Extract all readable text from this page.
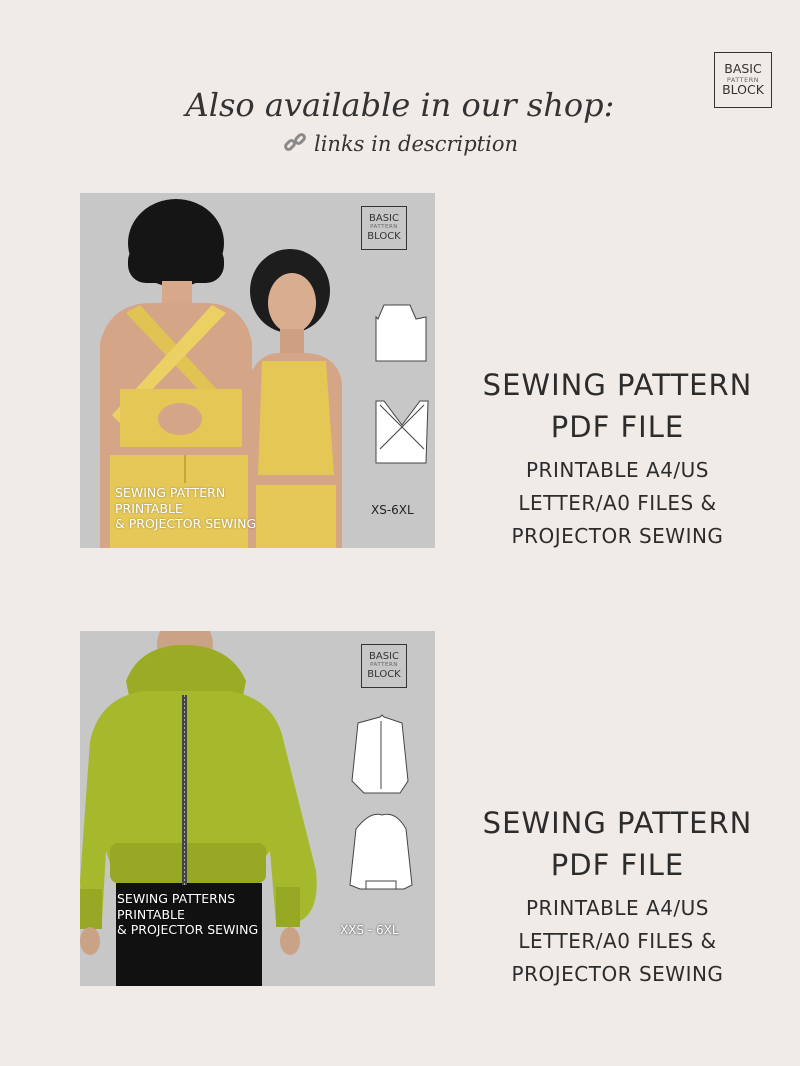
BASIC
PATTERN
BLOCK
Also available in our shop:
links in description
BASIC
PATTERN
BLOCK
SEWING PATTERN
PRINTABLE
& PROJECTOR SEWING
XS-6XL
SEWING PATTERN
PDF FILE
PRINTABLE A4/US
LETTER/A0 FILES &
PROJECTOR SEWING
BASIC
PATTERN
BLOCK
SEWING PATTERNS
PRINTABLE
& PROJECTOR SEWING	XXS - 6XL
SEWING PATTERN
PDF FILE
PRINTABLE A4/US
LETTER/A0 FILES &
PROJECTOR SEWING
